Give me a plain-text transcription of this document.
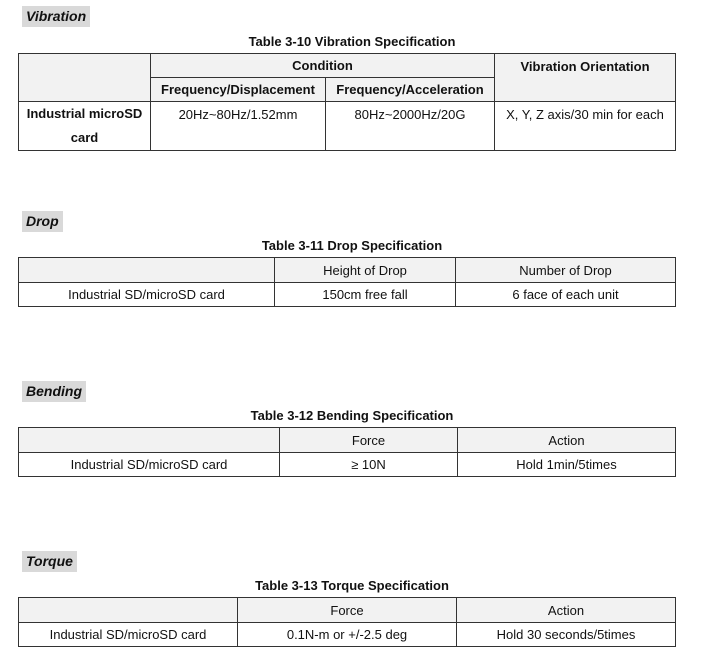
Vibration
Table 3-10 Vibration Specification
	Condition		Vibration Orientation
	Frequency/Displacement	Frequency/Acceleration	

Industrial microSD
card	20Hz~80Hz/1.52mm	80Hz~2000Hz/20G	X, Y, Z axis/30 min for each
Drop
Table 3-11 Drop Specification
	Height of Drop	Number of Drop
Industrial SD/microSD card	150cm free fall	6 face of each unit
Bending
Table 3-12 Bending Specification
	Force	Action
Industrial SD/microSD card	≥ 10N	Hold 1min/5times
Torque
Table 3-13 Torque Specification
	Force	Action
Industrial SD/microSD card	0.1N-m or +/-2.5 deg	Hold 30 seconds/5times
